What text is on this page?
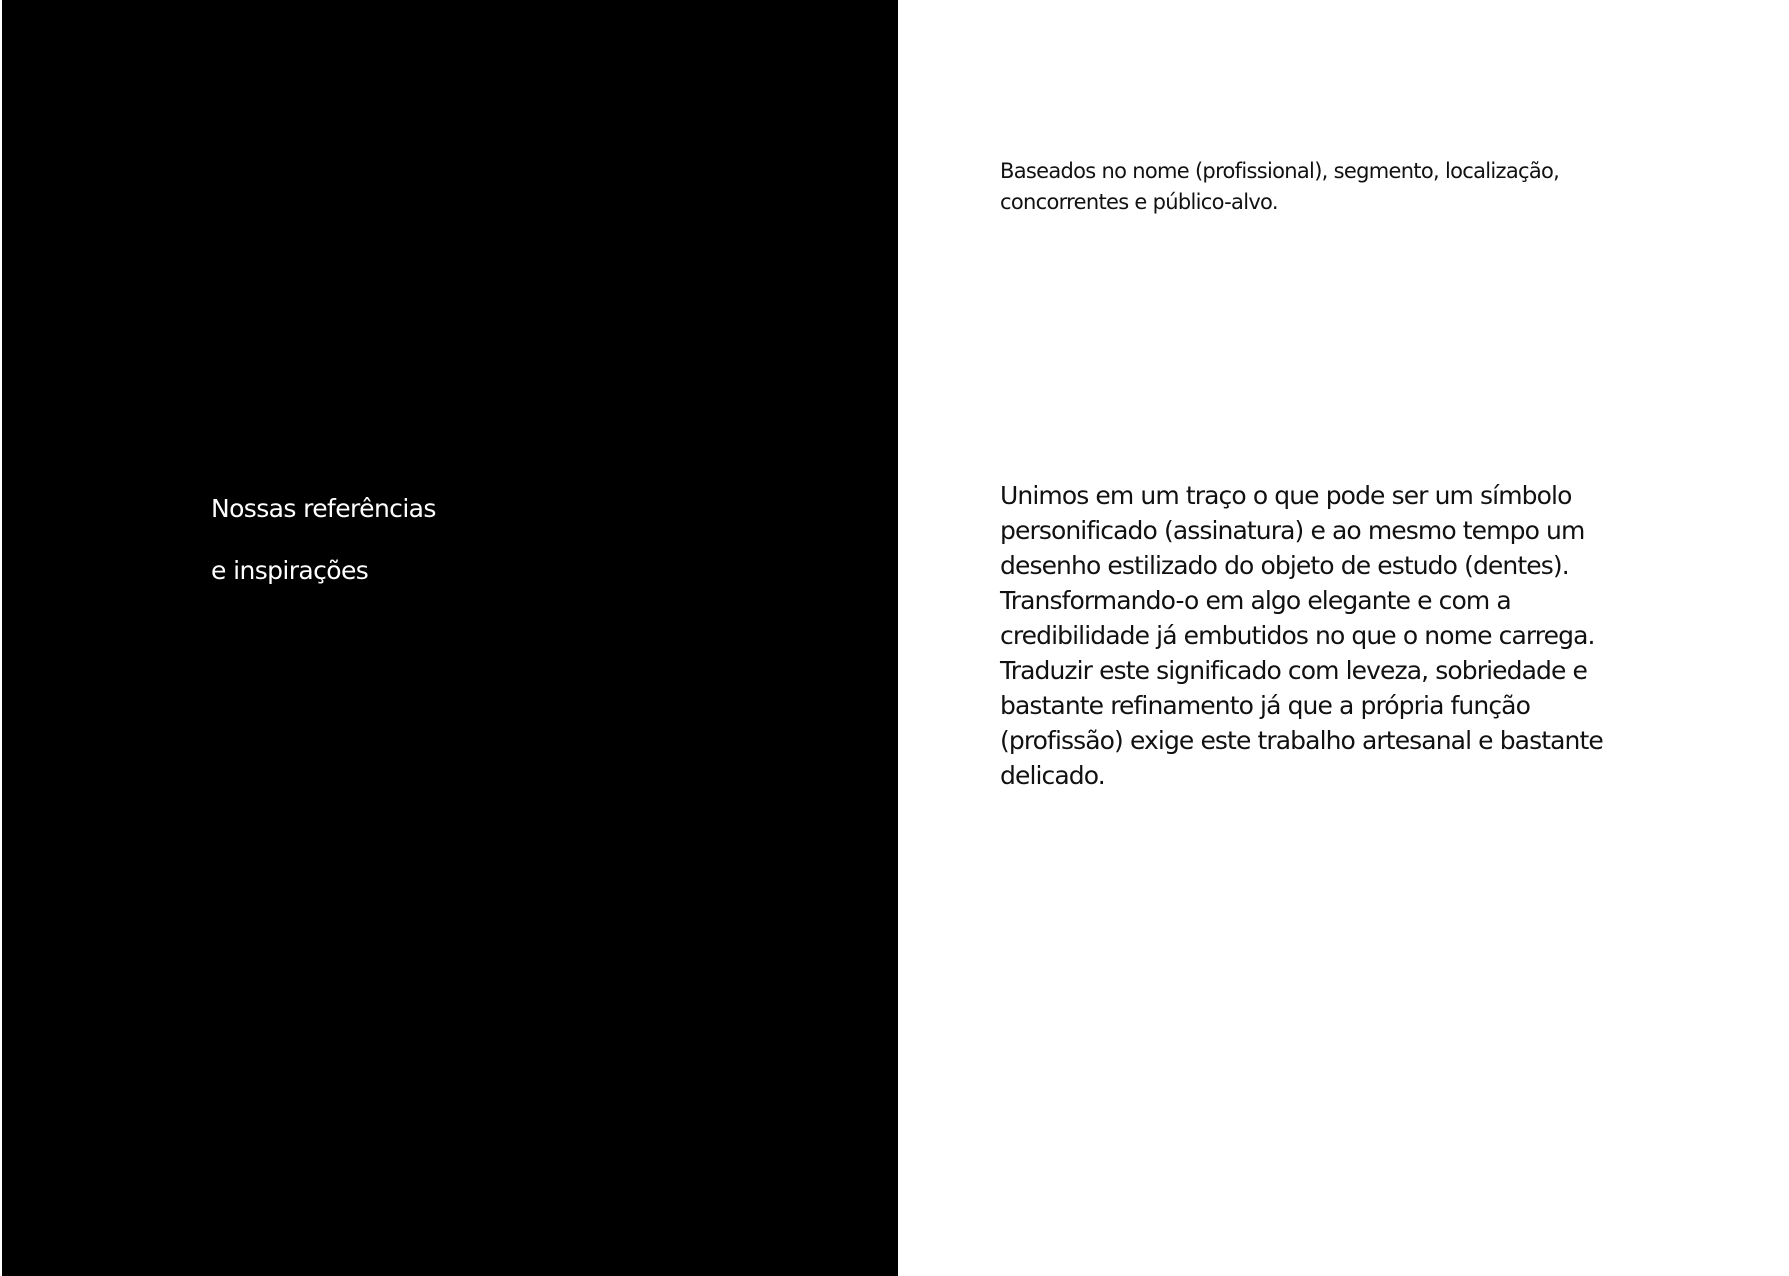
Nossas referências
e inspirações

Baseados no nome (profissional), segmento, localização,
concorrentes e público-alvo.

Unimos em um traço o que pode ser um símbolo
personificado (assinatura) e ao mesmo tempo um
desenho estilizado do objeto de estudo (dentes).
Transformando-o em algo elegante e com a
credibilidade já embutidos no que o nome carrega.
Traduzir este significado com leveza, sobriedade e
bastante refinamento já que a própria função
(profissão) exige este trabalho artesanal e bastante
delicado.
